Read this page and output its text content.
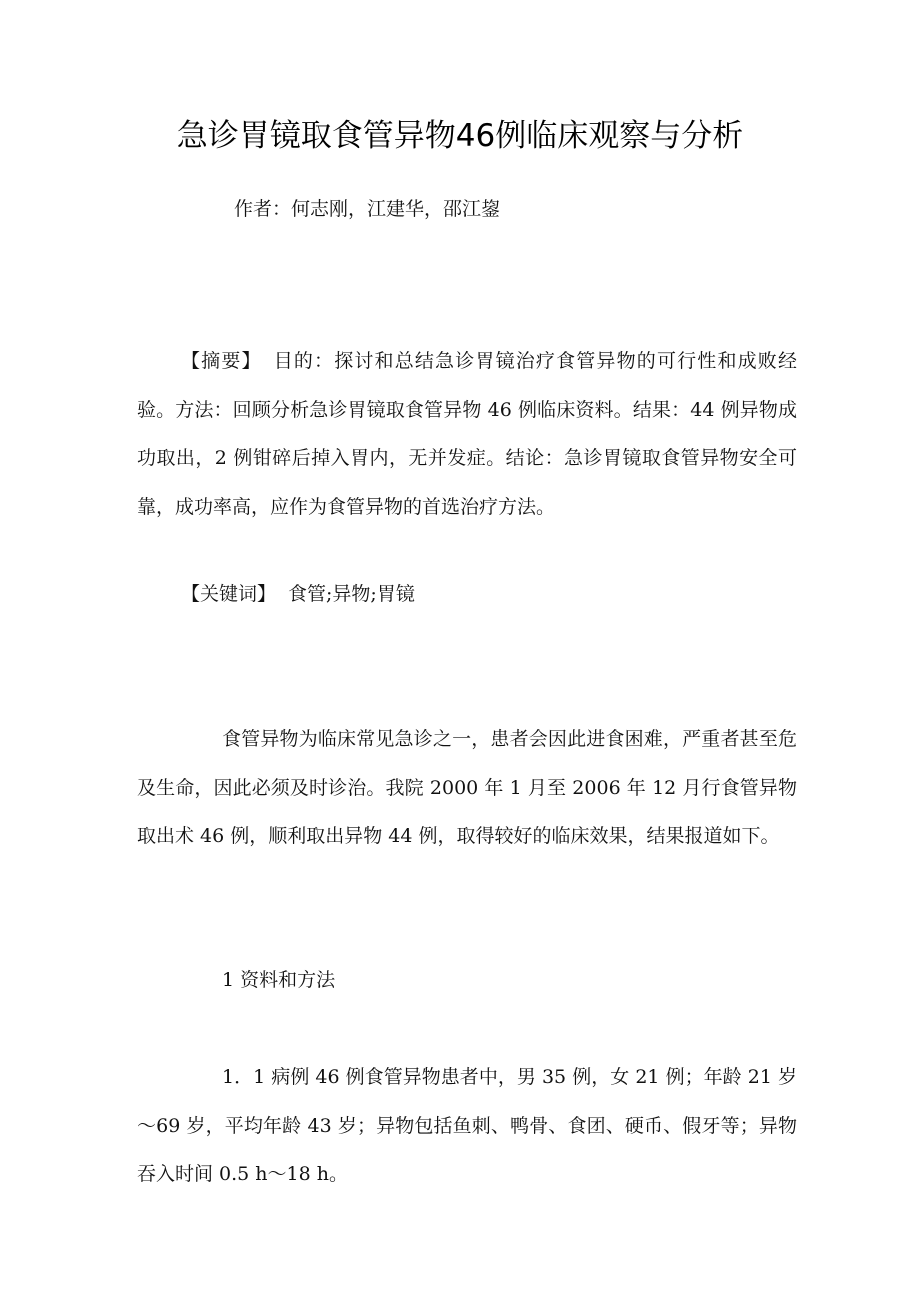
急诊胃镜取食管异物46例临床观察与分析
作者：何志刚，江建华，邵江鋆

【摘要】 目的：探讨和总结急诊胃镜治疗食管异物的可行性和成败经验。方法：回顾分析急诊胃镜取食管异物 46 例临床资料。结果：44 例异物成功取出，2 例钳碎后掉入胃内，无并发症。结论：急诊胃镜取食管异物安全可靠，成功率高，应作为食管异物的首选治疗方法。

【关键词】 食管;异物;胃镜

食管异物为临床常见急诊之一，患者会因此进食困难，严重者甚至危及生命，因此必须及时诊治。我院 2000 年 1 月至 2006 年 12 月行食管异物取出术 46 例，顺利取出异物 44 例，取得较好的临床效果，结果报道如下。

1 资料和方法

1．1 病例 46 例食管异物患者中，男 35 例，女 21 例；年龄 21 岁～69 岁，平均年龄 43 岁；异物包括鱼刺、鸭骨、食团、硬币、假牙等；异物吞入时间 0.5 h～18 h。
